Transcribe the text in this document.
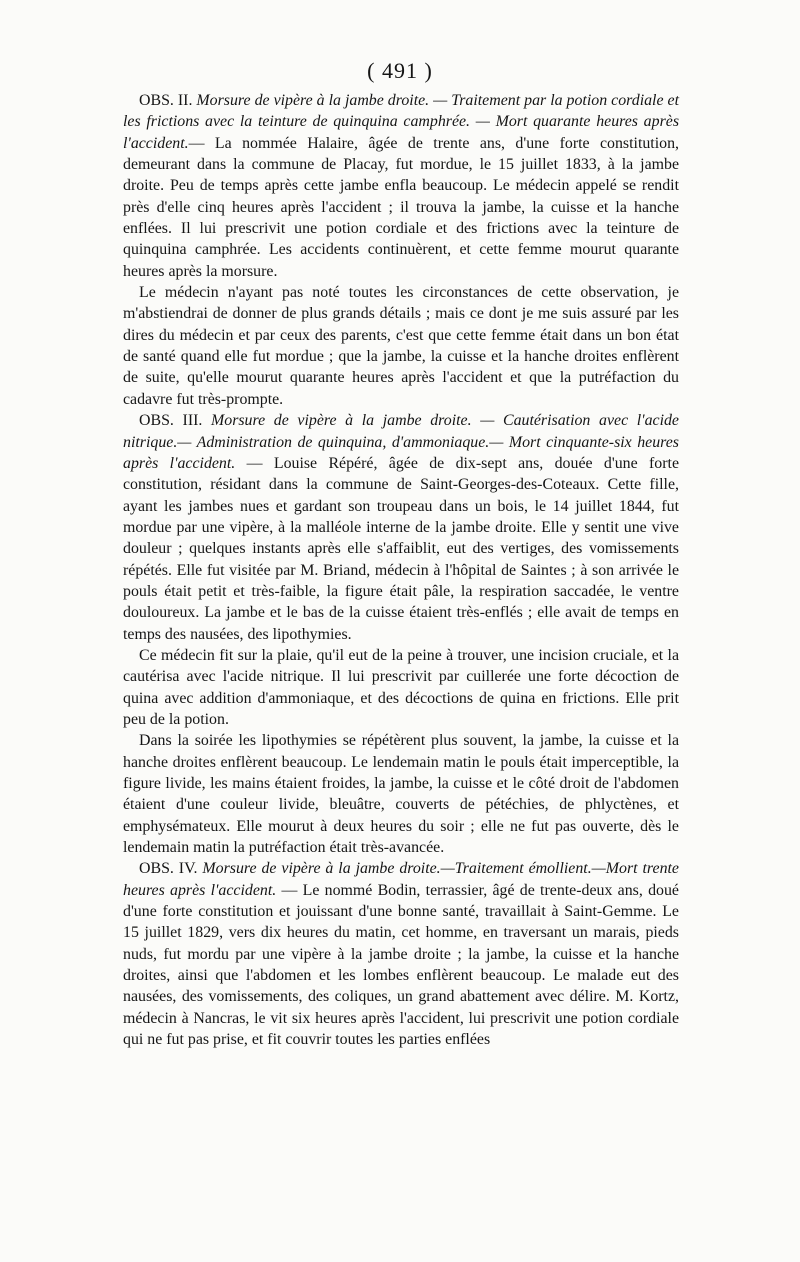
( 491 )

OBS. II. Morsure de vipère à la jambe droite. — Traitement par la potion cordiale et les frictions avec la teinture de quinquina camphrée. — Mort quarante heures après l'accident.— La nommée Halaire, âgée de trente ans, d'une forte constitution, demeurant dans la commune de Placay, fut mordue, le 15 juillet 1833, à la jambe droite. Peu de temps après cette jambe enfla beaucoup. Le médecin appelé se rendit près d'elle cinq heures après l'accident ; il trouva la jambe, la cuisse et la hanche enflées. Il lui prescrivit une potion cordiale et des frictions avec la teinture de quinquina camphrée. Les accidents continuèrent, et cette femme mourut quarante heures après la morsure.

Le médecin n'ayant pas noté toutes les circonstances de cette observation, je m'abstiendrai de donner de plus grands détails ; mais ce dont je me suis assuré par les dires du médecin et par ceux des parents, c'est que cette femme était dans un bon état de santé quand elle fut mordue ; que la jambe, la cuisse et la hanche droites enflèrent de suite, qu'elle mourut quarante heures après l'accident et que la putréfaction du cadavre fut très-prompte.

OBS. III. Morsure de vipère à la jambe droite. — Cautérisation avec l'acide nitrique.— Administration de quinquina, d'ammoniaque.— Mort cinquante-six heures après l'accident. — Louise Répéré, âgée de dix-sept ans, douée d'une forte constitution, résidant dans la commune de Saint-Georges-des-Coteaux. Cette fille, ayant les jambes nues et gardant son troupeau dans un bois, le 14 juillet 1844, fut mordue par une vipère, à la malléole interne de la jambe droite. Elle y sentit une vive douleur ; quelques instants après elle s'affaiblit, eut des vertiges, des vomissements répétés. Elle fut visitée par M. Briand, médecin à l'hôpital de Saintes ; à son arrivée le pouls était petit et très-faible, la figure était pâle, la respiration saccadée, le ventre douloureux. La jambe et le bas de la cuisse étaient très-enflés ; elle avait de temps en temps des nausées, des lipothymies.

Ce médecin fit sur la plaie, qu'il eut de la peine à trouver, une incision cruciale, et la cautérisa avec l'acide nitrique. Il lui prescrivit par cuillerée une forte décoction de quina avec addition d'ammoniaque, et des décoctions de quina en frictions. Elle prit peu de la potion.

Dans la soirée les lipothymies se répétèrent plus souvent, la jambe, la cuisse et la hanche droites enflèrent beaucoup. Le lendemain matin le pouls était imperceptible, la figure livide, les mains étaient froides, la jambe, la cuisse et le côté droit de l'abdomen étaient d'une couleur livide, bleuâtre, couverts de pétéchies, de phlyctènes, et emphysémateux. Elle mourut à deux heures du soir ; elle ne fut pas ouverte, dès le lendemain matin la putréfaction était très-avancée.

OBS. IV. Morsure de vipère à la jambe droite.—Traitement émollient.—Mort trente heures après l'accident. — Le nommé Bodin, terrassier, âgé de trente-deux ans, doué d'une forte constitution et jouissant d'une bonne santé, travaillait à Saint-Gemme. Le 15 juillet 1829, vers dix heures du matin, cet homme, en traversant un marais, pieds nuds, fut mordu par une vipère à la jambe droite ; la jambe, la cuisse et la hanche droites, ainsi que l'abdomen et les lombes enflèrent beaucoup. Le malade eut des nausées, des vomissements, des coliques, un grand abattement avec délire. M. Kortz, médecin à Nancras, le vit six heures après l'accident, lui prescrivit une potion cordiale qui ne fut pas prise, et fit couvrir toutes les parties enflées
